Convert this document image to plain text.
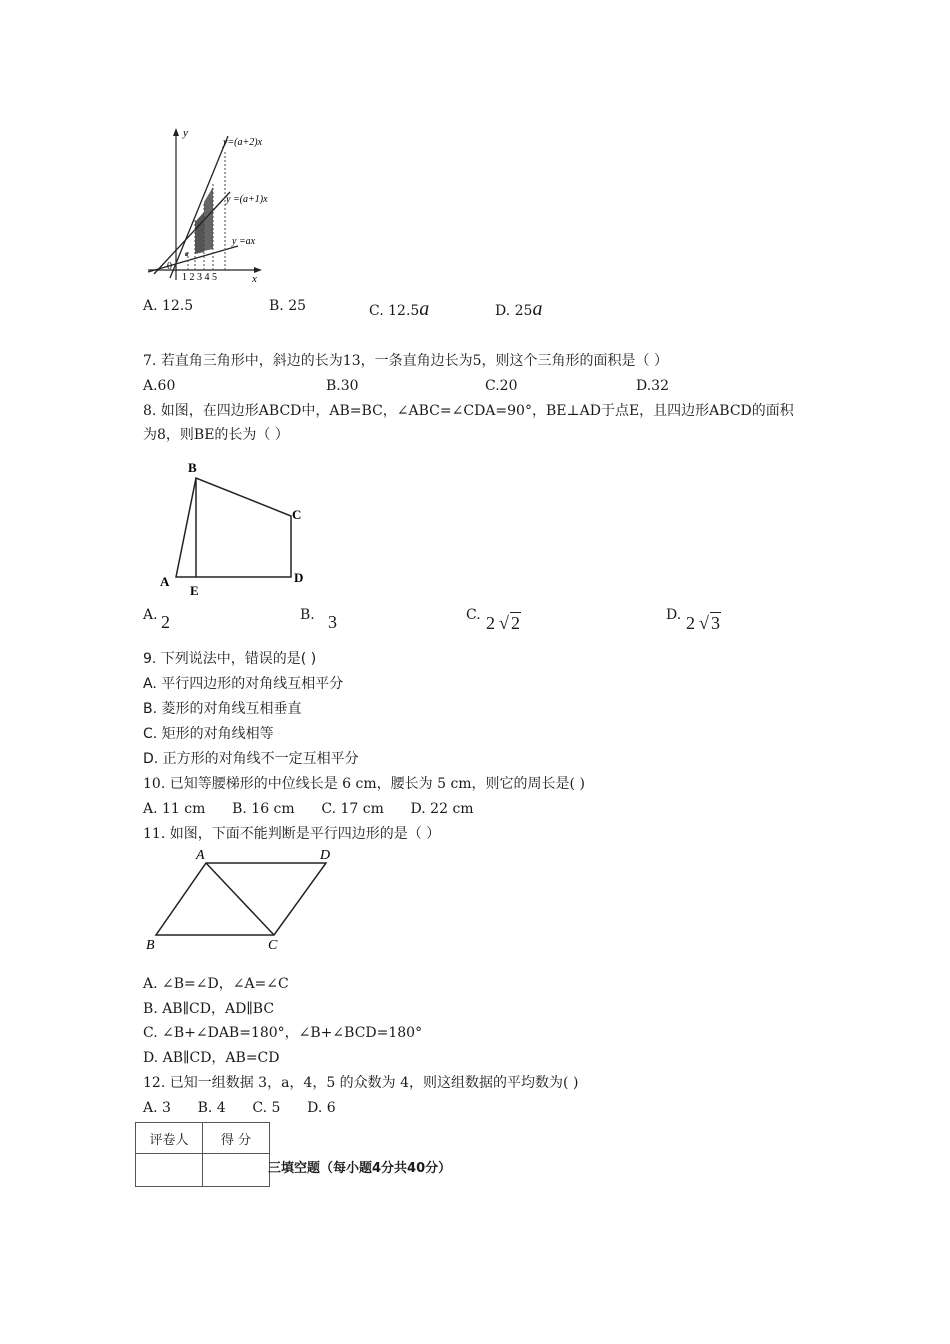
y
x
0
y=(a+2)x
y =(a+1)x
y =ax
1 2 3 4 5
A. 12.5	B. 25	C. 12.5a	D. 25a
7. 若直角三角形中，斜边的长为13，一条直角边长为5，则这个三角形的面积是（ ）
A.60	B.30	C.20	D.32
8. 如图，在四边形ABCD中，AB=BC，∠ABC=∠CDA=90°，BE⊥AD于点E，且四边形ABCD的面积
为8，则BE的长为（ ）
B
C
A
E
D
A. 2	B. 3	C. 2 √ 2	D. 2 √ 3
9. 下列说法中，错误的是( )
A. 平行四边形的对角线互相平分
B. 菱形的对角线互相垂直
C. 矩形的对角线相等
D. 正方形的对角线不一定互相平分
10. 已知等腰梯形的中位线长是 6 cm，腰长为 5 cm，则它的周长是( )
A. 11 cm      B. 16 cm      C. 17 cm      D. 22 cm
11. 如图，下面不能判断是平行四边形的是（ ）
A	D
B	C
A. ∠B=∠D，∠A=∠C
B. AB∥CD，AD∥BC
C. ∠B+∠DAB=180°，∠B+∠BCD=180°
D. AB∥CD，AB=CD
12. 已知一组数据 3，a，4，5 的众数为 4，则这组数据的平均数为( )
A. 3      B. 4      C. 5      D. 6
评卷人	得 分

三填空题（每小题4分共40分）
